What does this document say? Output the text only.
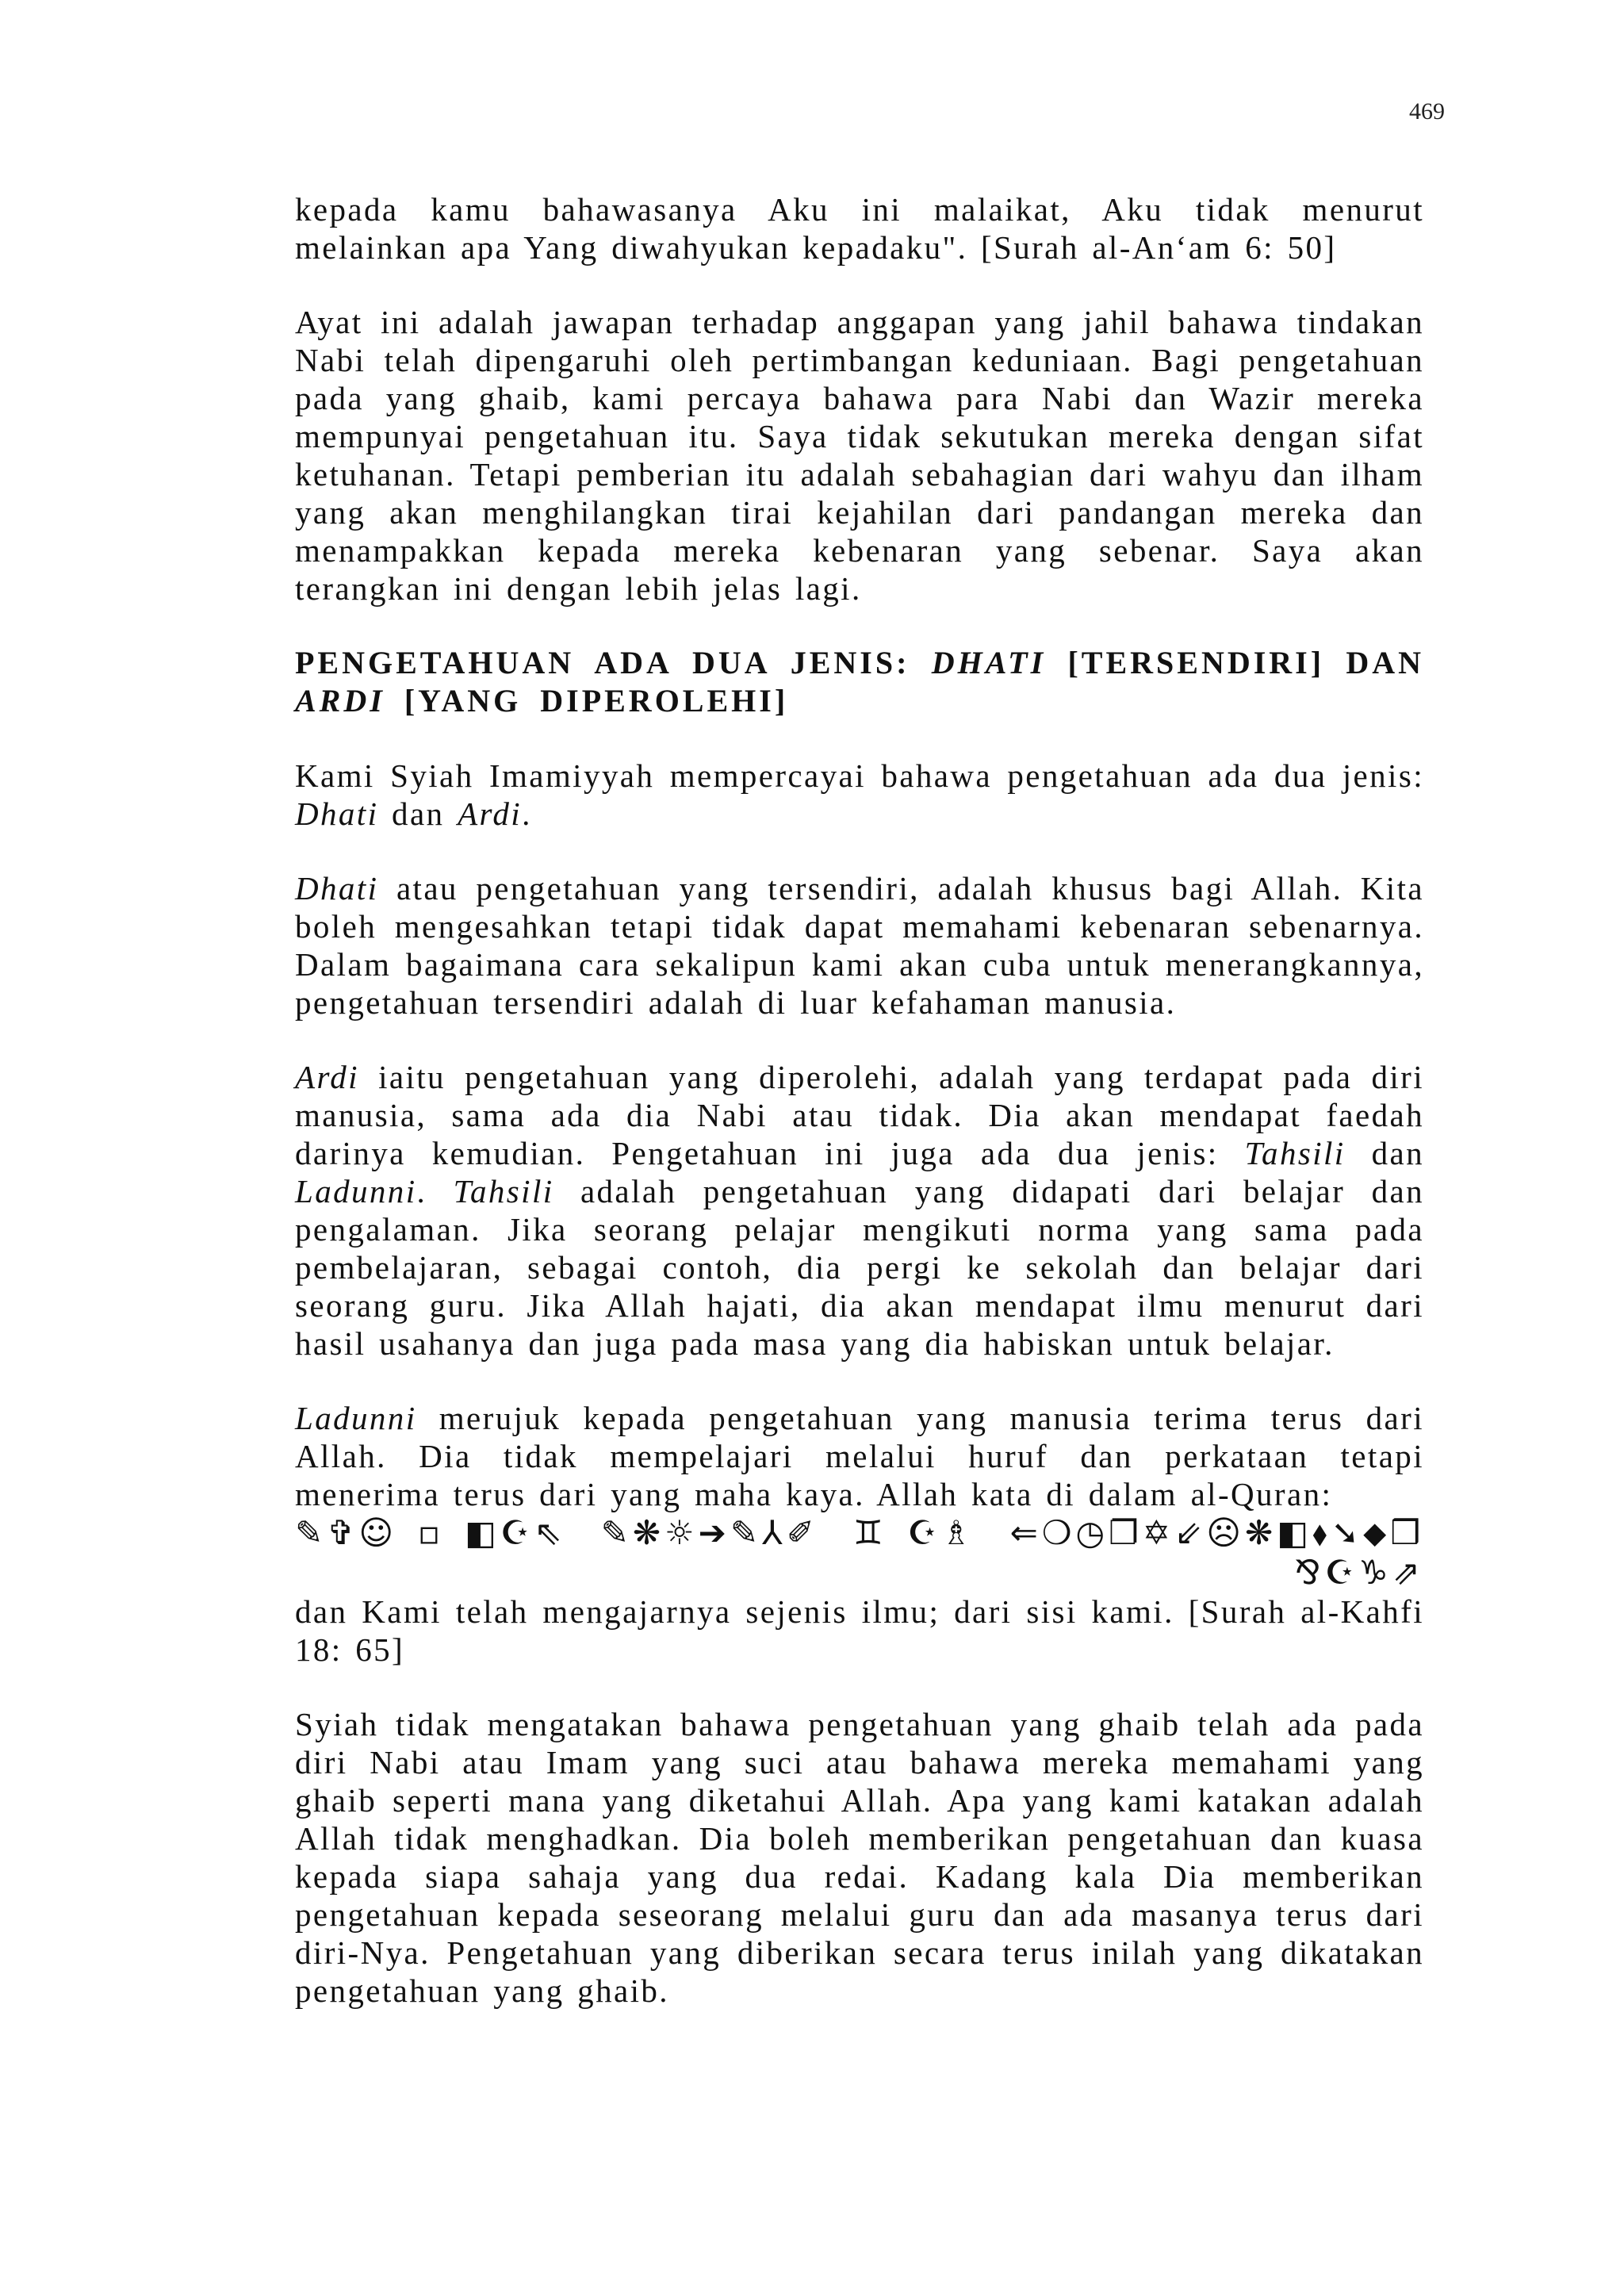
469

kepada kamu bahawasanya Aku ini malaikat, Aku tidak menurut melainkan apa Yang diwahyukan kepadaku". [Surah al-An‘am 6: 50]

Ayat ini adalah jawapan terhadap anggapan yang jahil bahawa tindakan Nabi telah dipengaruhi oleh pertimbangan keduniaan. Bagi pengetahuan pada yang ghaib, kami percaya bahawa para Nabi dan Wazir mereka mempunyai pengetahuan itu. Saya tidak sekutukan mereka dengan sifat ketuhanan. Tetapi pemberian itu adalah sebahagian dari wahyu dan ilham yang akan menghilangkan tirai kejahilan dari pandangan mereka dan menampakkan kepada mereka kebenaran yang sebenar. Saya akan terangkan ini dengan lebih jelas lagi.

PENGETAHUAN ADA DUA JENIS: DHATI [TERSENDIRI] DAN ARDI [YANG DIPEROLEHI]

Kami Syiah Imamiyyah mempercayai bahawa pengetahuan ada dua jenis: Dhati dan Ardi.

Dhati atau pengetahuan yang tersendiri, adalah khusus bagi Allah. Kita boleh mengesahkan tetapi tidak dapat memahami kebenaran sebenarnya. Dalam bagaimana cara sekalipun kami akan cuba untuk menerangkannya, pengetahuan tersendiri adalah di luar kefahaman manusia.

Ardi iaitu pengetahuan yang diperolehi, adalah yang terdapat pada diri manusia, sama ada dia Nabi atau tidak. Dia akan mendapat faedah darinya kemudian. Pengetahuan ini juga ada dua jenis: Tahsili dan Ladunni. Tahsili adalah pengetahuan yang didapati dari belajar dan pengalaman. Jika seorang pelajar mengikuti norma yang sama pada pembelajaran, sebagai contoh, dia pergi ke sekolah dan belajar dari seorang guru. Jika Allah hajati, dia akan mendapat ilmu menurut dari hasil usahanya dan juga pada masa yang dia habiskan untuk belajar.

Ladunni merujuk kepada pengetahuan yang manusia terima terus dari Allah. Dia tidak mempelajari melalui huruf dan perkataan tetapi menerima terus dari yang maha kaya. Allah kata di dalam al-Quran:

✎✞☺▫◧☪⇖ ✎❋☼➔✎⅄✐ ♊☪♗ ⇐❍◷❐✡⇙☹❋◧⬧➘⬥❒
⅋☪♑⇗

dan Kami telah mengajarnya sejenis ilmu; dari sisi kami. [Surah al-Kahfi 18: 65]

Syiah tidak mengatakan bahawa pengetahuan yang ghaib telah ada pada diri Nabi atau Imam yang suci atau bahawa mereka memahami yang ghaib seperti mana yang diketahui Allah. Apa yang kami katakan adalah Allah tidak menghadkan. Dia boleh memberikan pengetahuan dan kuasa kepada siapa sahaja yang dua redai. Kadang kala Dia memberikan pengetahuan kepada seseorang melalui guru dan ada masanya terus dari diri-Nya. Pengetahuan yang diberikan secara terus inilah yang dikatakan pengetahuan yang ghaib.
